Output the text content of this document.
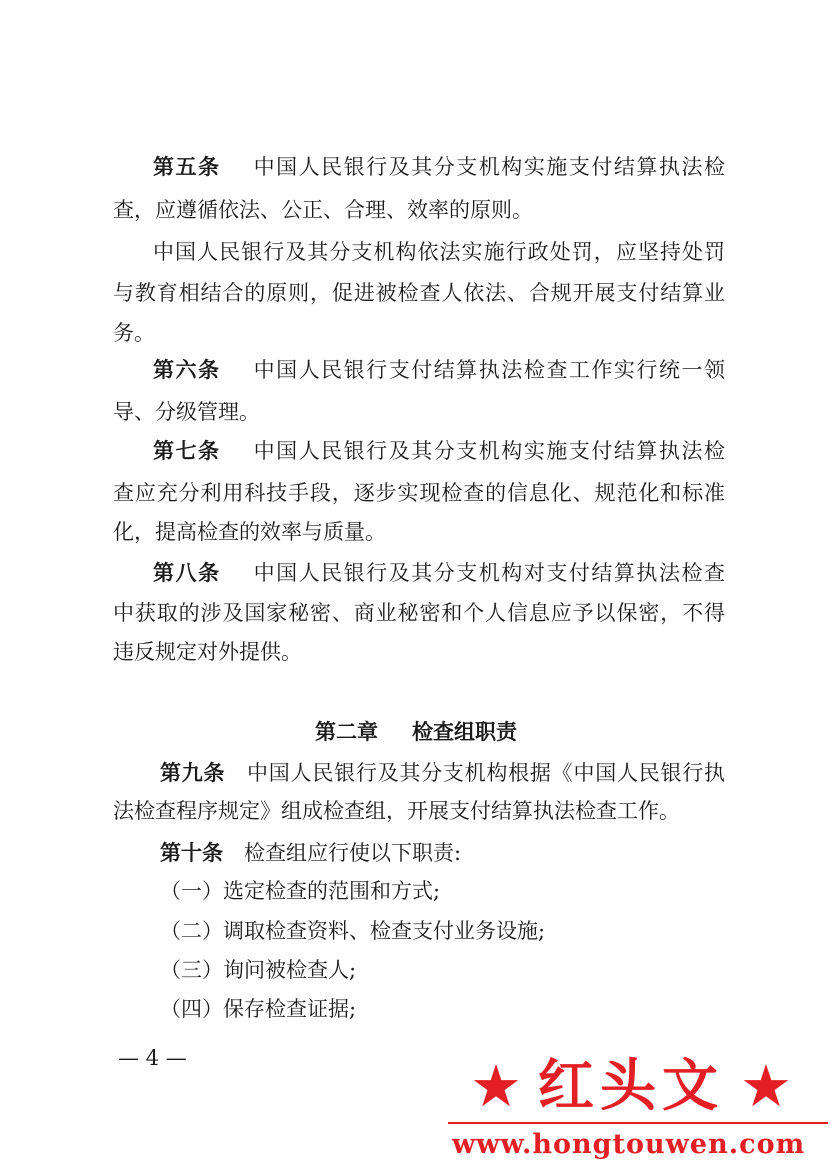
第五条   中国人民银行及其分支机构实施支付结算执法检
查，应遵循依法、公正、合理、效率的原则。
中国人民银行及其分支机构依法实施行政处罚，应坚持处罚
与教育相结合的原则，促进被检查人依法、合规开展支付结算业
务。
第六条   中国人民银行支付结算执法检查工作实行统一领
导、分级管理。
第七条   中国人民银行及其分支机构实施支付结算执法检
查应充分利用科技手段，逐步实现检查的信息化、规范化和标准
化，提高检查的效率与质量。
第八条   中国人民银行及其分支机构对支付结算执法检查
中获取的涉及国家秘密、商业秘密和个人信息应予以保密，不得
违反规定对外提供。
第二章 检查组职责
第九条   中国人民银行及其分支机构根据《中国人民银行执
法检查程序规定》组成检查组，开展支付结算执法检查工作。
第十条   检查组应行使以下职责:
（一）选定检查的范围和方式;
（二）调取检查资料、检查支付业务设施;
（三）询问被检查人;
（四）保存检查证据;
— 4 —	★ 红头文 ★
www.hongtouwen.com
